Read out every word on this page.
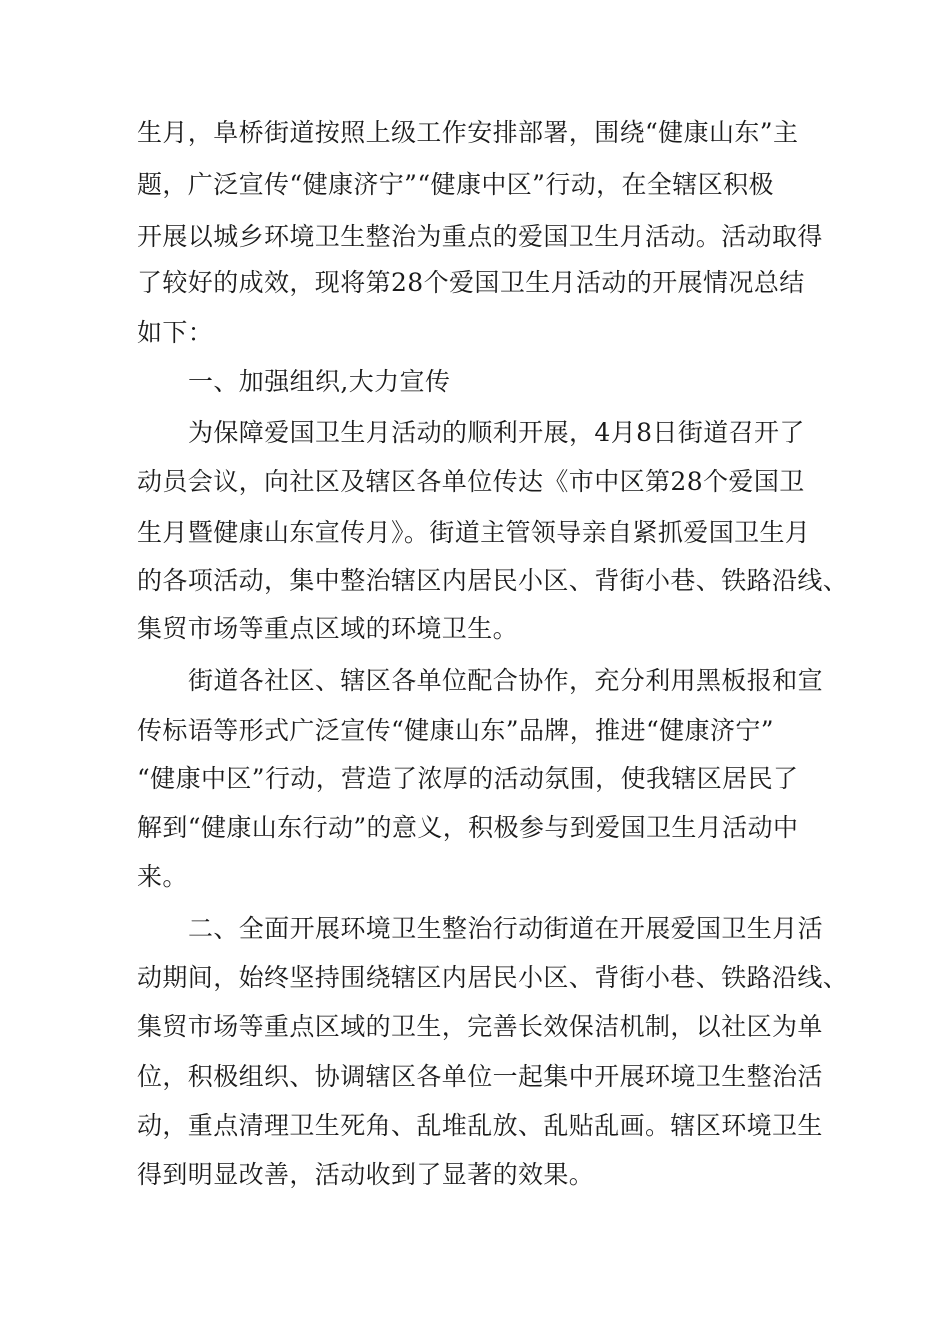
生月，阜桥街道按照上级工作安排部署，围绕“健康山东”主
题，广泛宣传“健康济宁”“健康中区”行动，在全辖区积极
开展以城乡环境卫生整治为重点的爱国卫生月活动。活动取得
了较好的成效，现将第28个爱国卫生月活动的开展情况总结
如下：
一、加强组织,大力宣传
为保障爱国卫生月活动的顺利开展，4月8日街道召开了
动员会议，向社区及辖区各单位传达《市中区第28个爱国卫
生月暨健康山东宣传月》。街道主管领导亲自紧抓爱国卫生月
的各项活动，集中整治辖区内居民小区、背街小巷、铁路沿线、
集贸市场等重点区域的环境卫生。
街道各社区、辖区各单位配合协作，充分利用黑板报和宣
传标语等形式广泛宣传“健康山东”品牌，推进“健康济宁”
“健康中区”行动，营造了浓厚的活动氛围，使我辖区居民了
解到“健康山东行动”的意义，积极参与到爱国卫生月活动中
来。
二、全面开展环境卫生整治行动街道在开展爱国卫生月活
动期间，始终坚持围绕辖区内居民小区、背街小巷、铁路沿线、
集贸市场等重点区域的卫生，完善长效保洁机制，以社区为单
位，积极组织、协调辖区各单位一起集中开展环境卫生整治活
动，重点清理卫生死角、乱堆乱放、乱贴乱画。辖区环境卫生
得到明显改善，活动收到了显著的效果。
